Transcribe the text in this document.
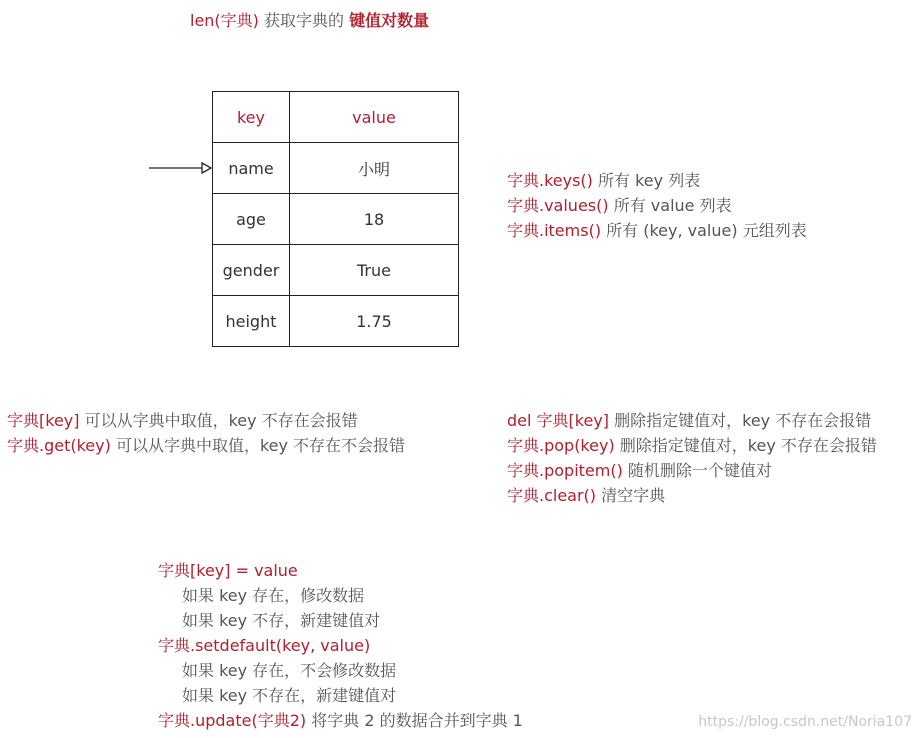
len(字典) 获取字典的 键值对数量
key	value
name	小明
age	18
gender	True
height	1.75
字典.keys() 所有 key 列表
字典.values() 所有 value 列表
字典.items() 所有 (key, value) 元组列表
字典[key] 可以从字典中取值，key 不存在会报错
字典.get(key) 可以从字典中取值，key 不存在不会报错
del 字典[key] 删除指定键值对，key 不存在会报错
字典.pop(key) 删除指定键值对，key 不存在会报错
字典.popitem() 随机删除一个键值对
字典.clear() 清空字典
字典[key] = value
如果 key 存在，修改数据
如果 key 不存，新建键值对
字典.setdefault(key, value)
如果 key 存在，不会修改数据
如果 key 不存在，新建键值对
字典.update(字典2) 将字典 2 的数据合并到字典 1	https://blog.csdn.net/Noria107
